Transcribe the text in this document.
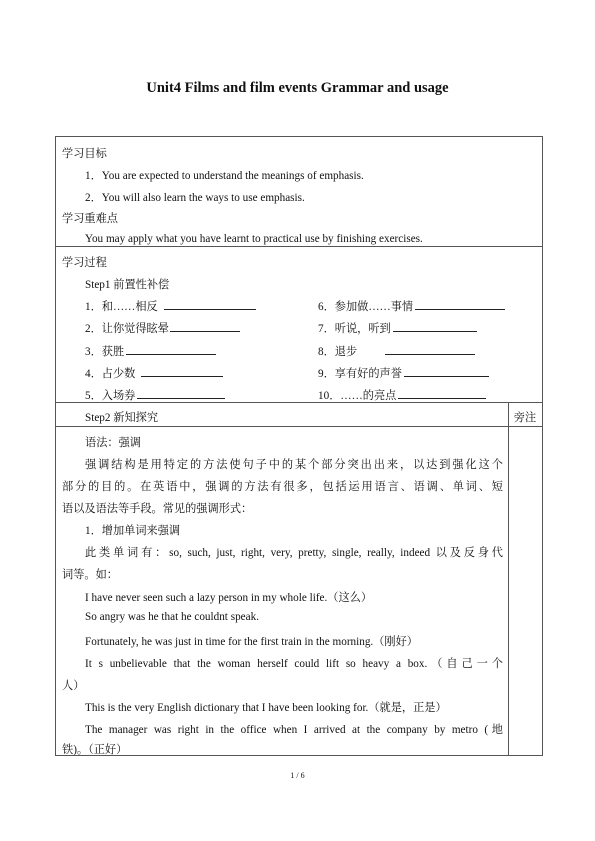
Unit4 Films and film events Grammar and usage
学习目标
1．You are expected to understand the meanings of emphasis.
2．You will also learn the ways to use emphasis.
学习重难点
You may apply what you have learnt to practical use by finishing exercises.
学习过程
Step1 前置性补偿
1．和……相反
2．让你觉得眩晕
3．获胜
4．占少数
5．入场券
6．参加做……事情
7．听说，听到
8．退步
9．享有好的声誉
10．……的亮点
Step2 新知探究	旁注
语法：强调
强调结构是用特定的方法使句子中的某个部分突出出来，以达到强化这个
部分的目的。在英语中，强调的方法有很多，包括运用语言、语调、单词、短
语以及语法等手段。常见的强调形式：
1．增加单词来强调
此类单词有：so, such, just, right, very, pretty, single, really, indeed 以及反身代
词等。如：
I have never seen such a lazy person in my whole life.（这么）
So angry was he that he couldnt speak.
Fortunately, he was just in time for the first train in the morning.（刚好）
It s unbelievable that the woman herself could lift so heavy a box.（自己一个
人）
This is the very English dictionary that I have been looking for.（就是，正是）
The manager was right in the office when I arrived at the company by metro (地
铁)。（正好）
1 / 6
